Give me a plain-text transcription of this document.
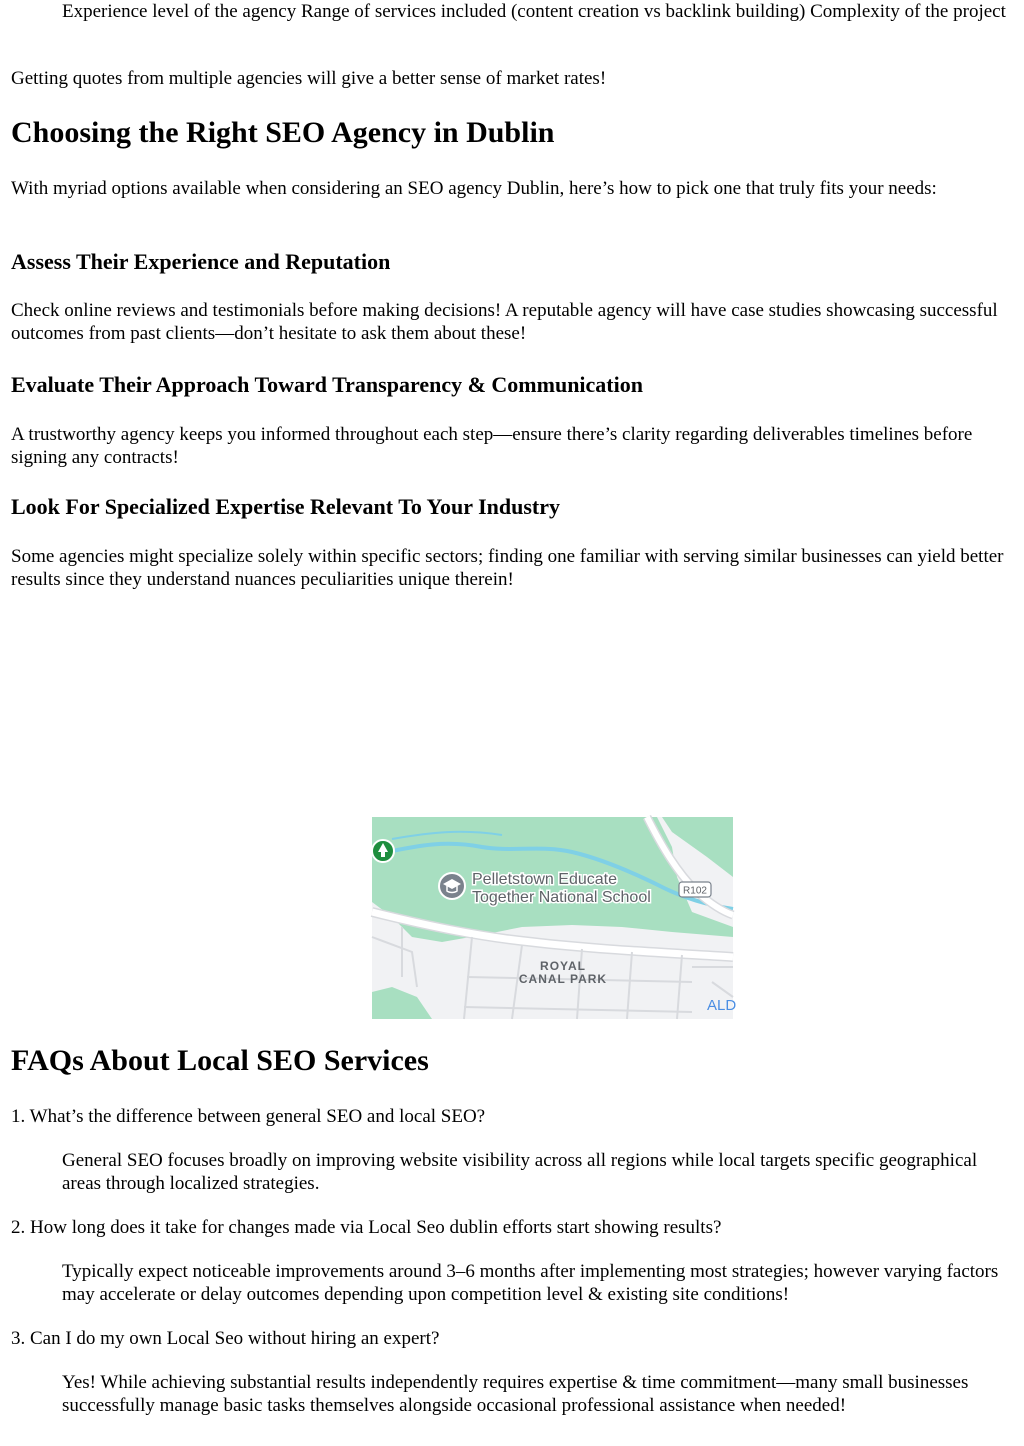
Experience level of the agency Range of services included (content creation vs backlink building) Complexity of the project

Getting quotes from multiple agencies will give a better sense of market rates!

Choosing the Right SEO Agency in Dublin

With myriad options available when considering an SEO agency Dublin, here’s how to pick one that truly fits your needs:

Assess Their Experience and Reputation

Check online reviews and testimonials before making decisions! A reputable agency will have case studies showcasing successful outcomes from past clients—don’t hesitate to ask them about these!

Evaluate Their Approach Toward Transparency & Communication

A trustworthy agency keeps you informed throughout each step—ensure there’s clarity regarding deliverables timelines before signing any contracts!

Look For Specialized Expertise Relevant To Your Industry

Some agencies might specialize solely within specific sectors; finding one familiar with serving similar businesses can yield better results since they understand nuances peculiarities unique therein!

Pelletstown Educate
Together National School	R102
ROYAL
CANAL PARK
ALD
FAQs About Local SEO Services

1. What’s the difference between general SEO and local SEO?

General SEO focuses broadly on improving website visibility across all regions while local targets specific geographical areas through localized strategies.

2. How long does it take for changes made via Local Seo dublin efforts start showing results?

Typically expect noticeable improvements around 3–6 months after implementing most strategies; however varying factors may accelerate or delay outcomes depending upon competition level & existing site conditions!

3. Can I do my own Local Seo without hiring an expert?

Yes! While achieving substantial results independently requires expertise & time commitment—many small businesses successfully manage basic tasks themselves alongside occasional professional assistance when needed!
